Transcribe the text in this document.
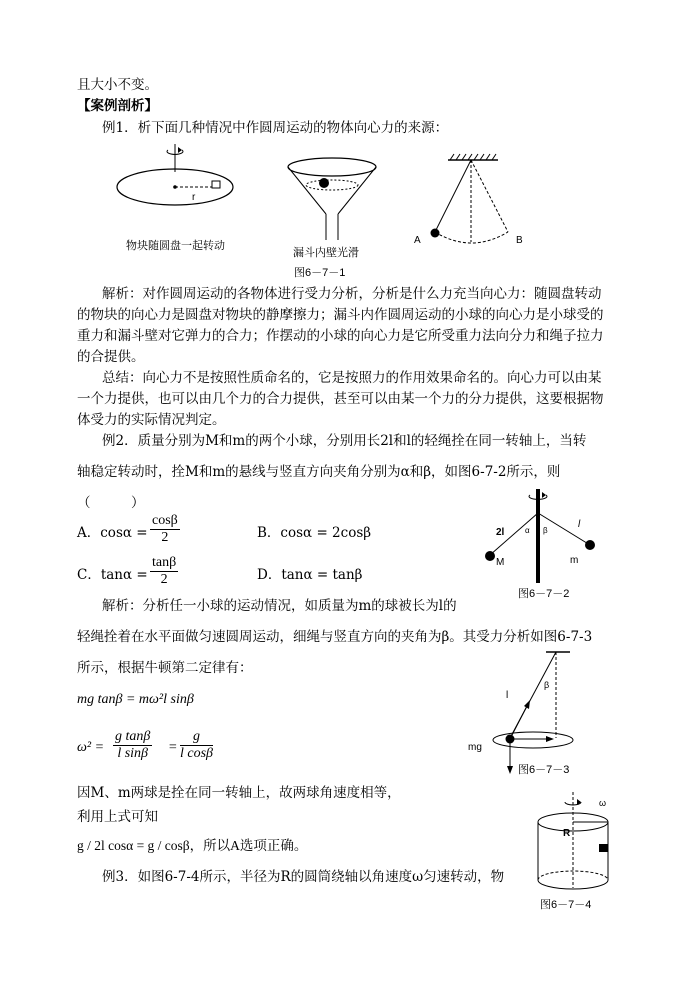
且大小不变。
【案例剖析】
例1．析下面几种情况中作圆周运动的物体向心力的来源：
r
物块随圆盘一起转动
漏斗内壁光滑
A	B
图6－7－1
解析：对作圆周运动的各物体进行受力分析，分析是什么力充当向心力：随圆盘转动
的物块的向心力是圆盘对物块的静摩擦力；漏斗内作圆周运动的小球的向心力是小球受的
重力和漏斗壁对它弹力的合力；作摆动的小球的向心力是它所受重力法向分力和绳子拉力
的合提供。
总结：向心力不是按照性质命名的，它是按照力的作用效果命名的。向心力可以由某
一个力提供，也可以由几个力的合力提供，甚至可以由某一个力的分力提供，这要根据物
体受力的实际情况判定。
例2．质量分别为M和m的两个小球，分别用长2l和l的轻绳拴在同一转轴上，当转
轴稳定转动时，拴M和m的悬线与竖直方向夹角分别为α和β，如图6-7-2所示，则
（　　　）
A．$\cos\alpha = \frac{\cos\beta}{2}$	B．cosα = 2cosβ
C．$\tan\alpha = \frac{\tan\beta}{2}$	D．tanα = tanβ
2l
l
α β
M	m
图6－7－2
解析：分析任一小球的运动情况，如质量为m的球被长为l的
轻绳拴着在水平面做匀速圆周运动，细绳与竖直方向的夹角为β。其受力分析如图6-7-3
所示，根据牛顿第二定律有：
mg tanβ = mω²l sinβ
$\omega^2 = \frac{\text{g tanβ}}{\text{l sinβ}} = \frac{g}{\text{l cosβ}}$
l
β
mg
图6－7－3
因M、m两球是拴在同一转轴上，故两球角速度相等，
利用上式可知
g / 2l cosα = g / cosβ，所以A选项正确。
例3．如图6-7-4所示，半径为R的圆筒绕轴以角速度ω匀速转动，物
R
ω
图6－7－4
